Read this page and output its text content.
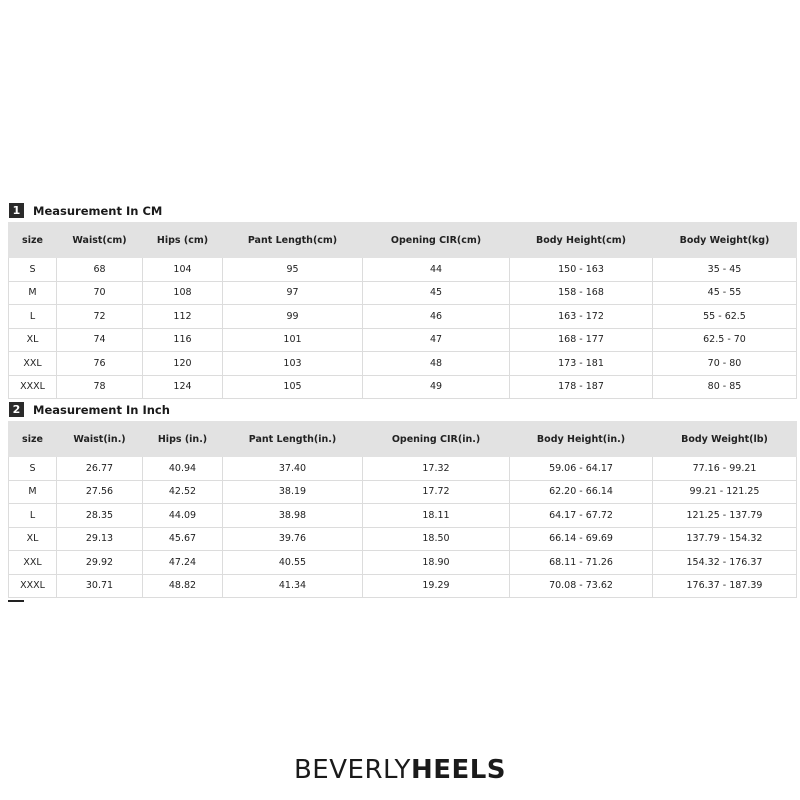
1	Measurement In CM
size	Waist(cm)	Hips (cm)	Pant Length(cm)	Opening CIR(cm)	Body Height(cm)	Body Weight(kg)
S	68	104	95	44	150 - 163	35 - 45
M	70	108	97	45	158 - 168	45 - 55
L	72	112	99	46	163 - 172	55 - 62.5
XL	74	116	101	47	168 - 177	62.5 - 70
XXL	76	120	103	48	173 - 181	70 - 80
XXXL	78	124	105	49	178 - 187	80 - 85
2	Measurement In Inch
size	Waist(in.)	Hips (in.)	Pant Length(in.)	Opening CIR(in.)	Body Height(in.)	Body Weight(lb)
S	26.77	40.94	37.40	17.32	59.06 - 64.17	77.16 - 99.21
M	27.56	42.52	38.19	17.72	62.20 - 66.14	99.21 - 121.25
L	28.35	44.09	38.98	18.11	64.17 - 67.72	121.25 - 137.79
XL	29.13	45.67	39.76	18.50	66.14 - 69.69	137.79 - 154.32
XXL	29.92	47.24	40.55	18.90	68.11 - 71.26	154.32 - 176.37
XXXL	30.71	48.82	41.34	19.29	70.08 - 73.62	176.37 - 187.39
BEVERLYHEELS
